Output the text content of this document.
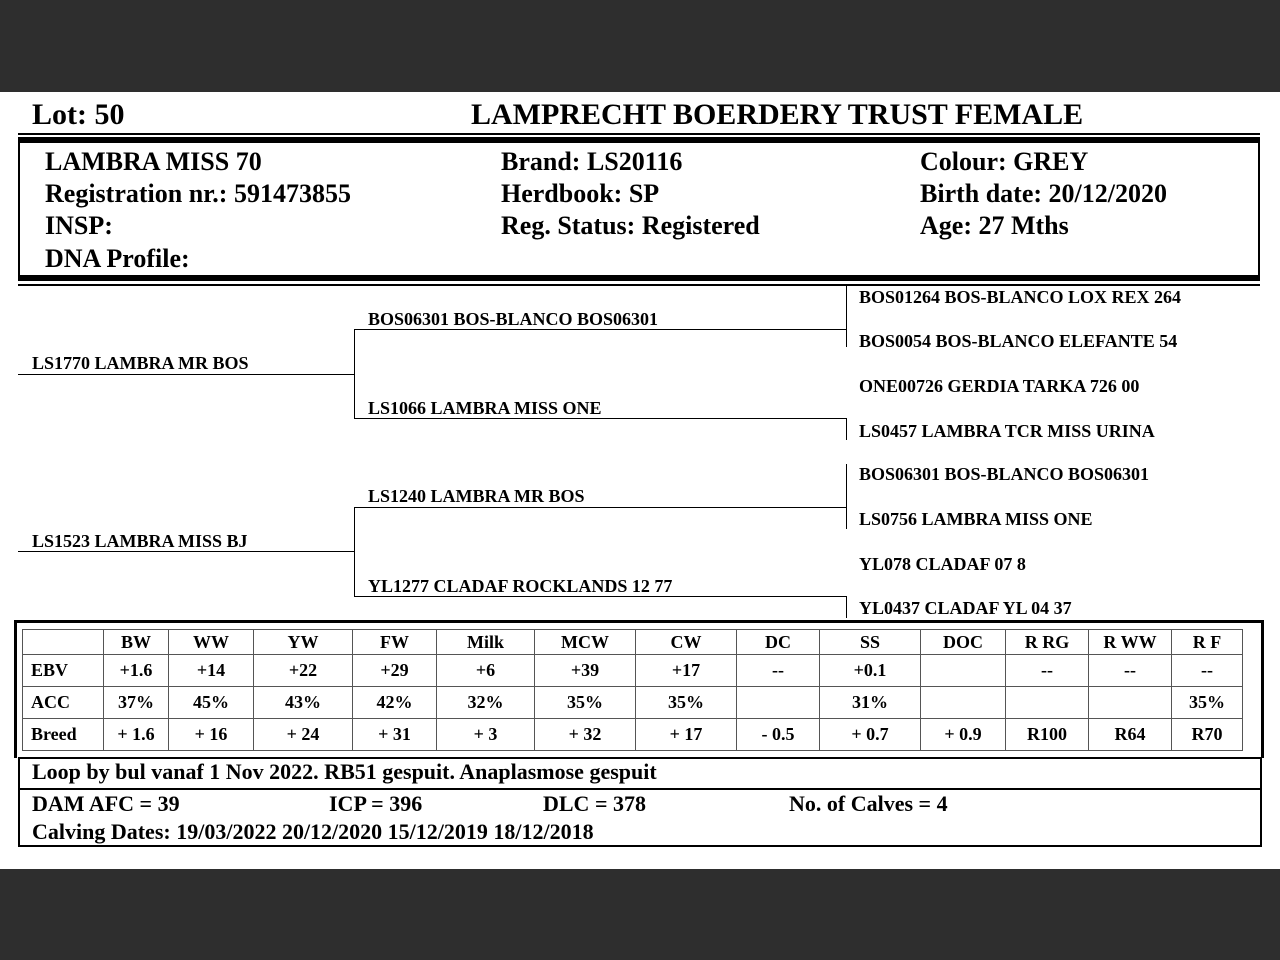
Lot: 50	LAMPRECHT BOERDERY TRUST FEMALE
LAMBRA MISS 70
Registration nr.: 591473855
INSP:
DNA Profile:
Brand: LS20116
Herdbook: SP
Reg. Status: Registered
Colour: GREY
Birth date: 20/12/2020
Age: 27 Mths
LS1770 LAMBRA MR BOS
LS1523 LAMBRA MISS BJ
BOS06301 BOS-BLANCO BOS06301
LS1066 LAMBRA MISS ONE
LS1240 LAMBRA MR BOS
YL1277 CLADAF ROCKLANDS 12 77
BOS01264 BOS-BLANCO LOX REX 264
BOS0054 BOS-BLANCO ELEFANTE 54
ONE00726 GERDIA TARKA 726 00
LS0457 LAMBRA TCR MISS URINA
BOS06301 BOS-BLANCO BOS06301
LS0756 LAMBRA MISS ONE
YL078 CLADAF 07 8
YL0437 CLADAF YL 04 37
	BW	WW	YW	FW	Milk	MCW	CW	DC	SS	DOC	R RG	R WW	R F
EBV	+1.6	+14	+22	+29	+6	+39	+17	--	+0.1		--	--	--
ACC	37%	45%	43%	42%	32%	35%	35%		31%				35%
Breed	+ 1.6	+ 16	+ 24	+ 31	+ 3	+ 32	+ 17	- 0.5	+ 0.7	+ 0.9	R100	R64	R70
Loop by bul vanaf 1 Nov 2022. RB51 gespuit. Anaplasmose gespuit
DAM AFC = 39	ICP = 396	DLC = 378	No. of Calves = 4
Calving Dates: 19/03/2022 20/12/2020 15/12/2019 18/12/2018
